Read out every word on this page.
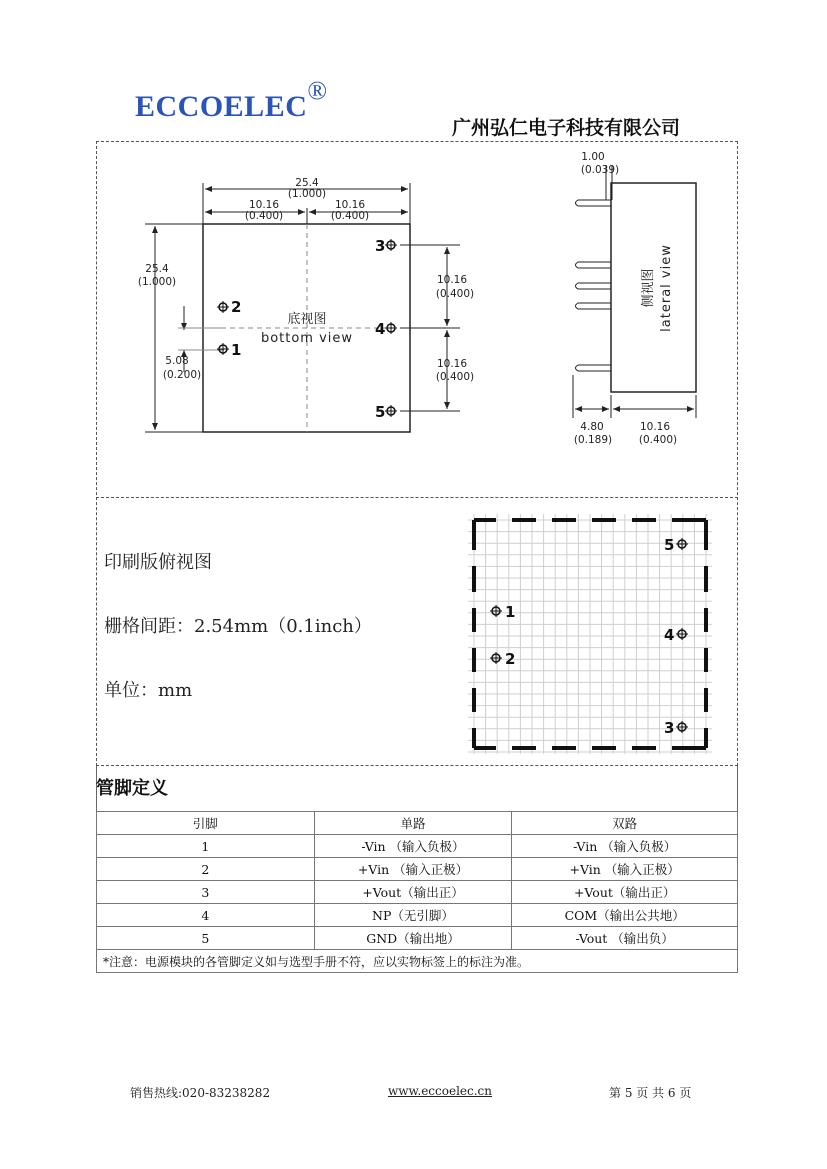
ECCOELEC®
广州弘仁电子科技有限公司
25.4
(1.000)
10.16
(0.400)
10.16
(0.400)
25.4
(1.000)
5.08
(0.200)
10.16
(0.400)
10.16
(0.400)
1.00
(0.039)
4.80
(0.189)
10.16
(0.400)
底视图
bottom view
侧视图 lateral view
2
1
3
4
5
印刷版俯视图
栅格间距：2.54mm（0.1inch）
单位：mm
1
2
5
4
3
管脚定义
引脚	单路	双路
1	-Vin （输入负极）	-Vin （输入负极）
2	+Vin （输入正极）	+Vin （输入正极）
3	+Vout（输出正）	+Vout（输出正）
4	NP（无引脚）	COM（输出公共地）
5	GND（输出地）	-Vout （输出负）
*注意：电源模块的各管脚定义如与选型手册不符，应以实物标签上的标注为准。		
销售热线:020-83238282	www.eccoelec.cn	第 5 页 共 6 页
